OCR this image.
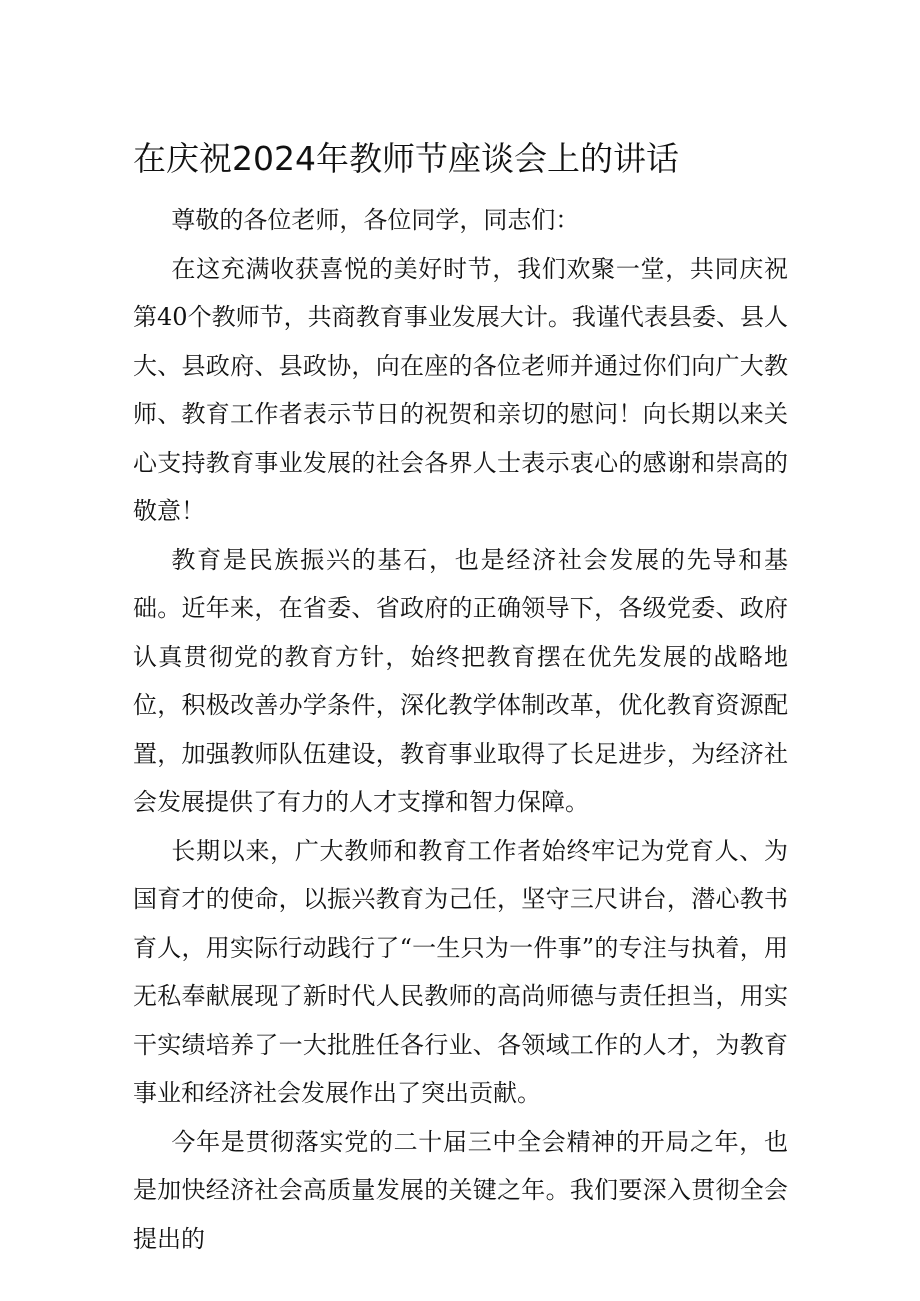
在庆祝2024年教师节座谈会上的讲话

尊敬的各位老师，各位同学，同志们：

在这充满收获喜悦的美好时节，我们欢聚一堂，共同庆祝第40个教师节，共商教育事业发展大计。我谨代表县委、县人大、县政府、县政协，向在座的各位老师并通过你们向广大教师、教育工作者表示节日的祝贺和亲切的慰问！向长期以来关心支持教育事业发展的社会各界人士表示衷心的感谢和崇高的敬意！

教育是民族振兴的基石，也是经济社会发展的先导和基础。近年来，在省委、省政府的正确领导下，各级党委、政府认真贯彻党的教育方针，始终把教育摆在优先发展的战略地位，积极改善办学条件，深化教学体制改革，优化教育资源配置，加强教师队伍建设，教育事业取得了长足进步，为经济社会发展提供了有力的人才支撑和智力保障。

长期以来，广大教师和教育工作者始终牢记为党育人、为国育才的使命，以振兴教育为己任，坚守三尺讲台，潜心教书育人，用实际行动践行了“一生只为一件事”的专注与执着，用无私奉献展现了新时代人民教师的高尚师德与责任担当，用实干实绩培养了一大批胜任各行业、各领域工作的人才，为教育事业和经济社会发展作出了突出贡献。

今年是贯彻落实党的二十届三中全会精神的开局之年，也是加快经济社会高质量发展的关键之年。我们要深入贯彻全会提出的
